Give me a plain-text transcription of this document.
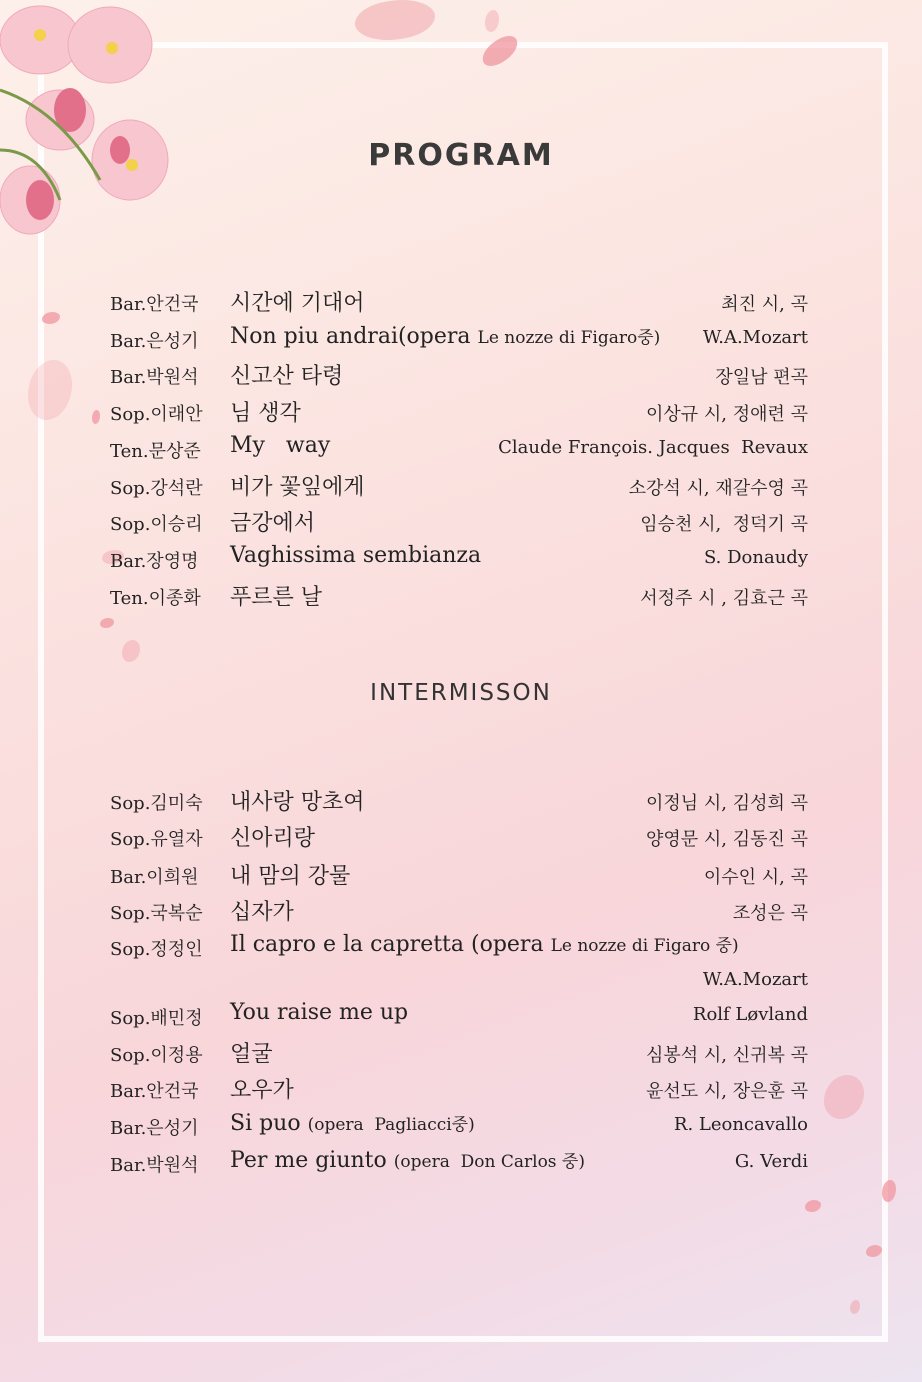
PROGRAM
INTERMISSON
Bar.안건국 시간에 기대어	최진 시, 곡
Bar.은성기 Non piu andrai(opera Le nozze di Figaro중) W.A.Mozart
Bar.박원석 신고산 타령	장일남 편곡
Sop.이래안 님 생각	이상규 시, 정애련 곡
Ten.문상준 My   way	Claude François. Jacques  Revaux
Sop.강석란 비가 꽃잎에게	소강석 시, 재갈수영 곡
Sop.이승리 금강에서	임승천 시,  정덕기 곡
Bar.장영명 Vaghissima sembianza	S. Donaudy
Ten.이종화 푸르른 날	서정주 시 , 김효근 곡
Sop.김미숙 내사랑 망초여	이정님 시, 김성희 곡
Sop.유열자 신아리랑	양영문 시, 김동진 곡
Bar.이희원 내 맘의 강물	이수인 시, 곡
Sop.국복순 십자가	조성은 곡
Sop.정정인 Il capro e la capretta (opera Le nozze di Figaro 중)
W.A.Mozart
Sop.배민정 You raise me up	Rolf Løvland
Sop.이정용 얼굴	심봉석 시, 신귀복 곡
Bar.안건국 오우가	윤선도 시, 장은훈 곡
Bar.은성기 Si puo (opera  Pagliacci중)	R. Leoncavallo
Bar.박원석 Per me giunto (opera  Don Carlos 중)	G. Verdi
